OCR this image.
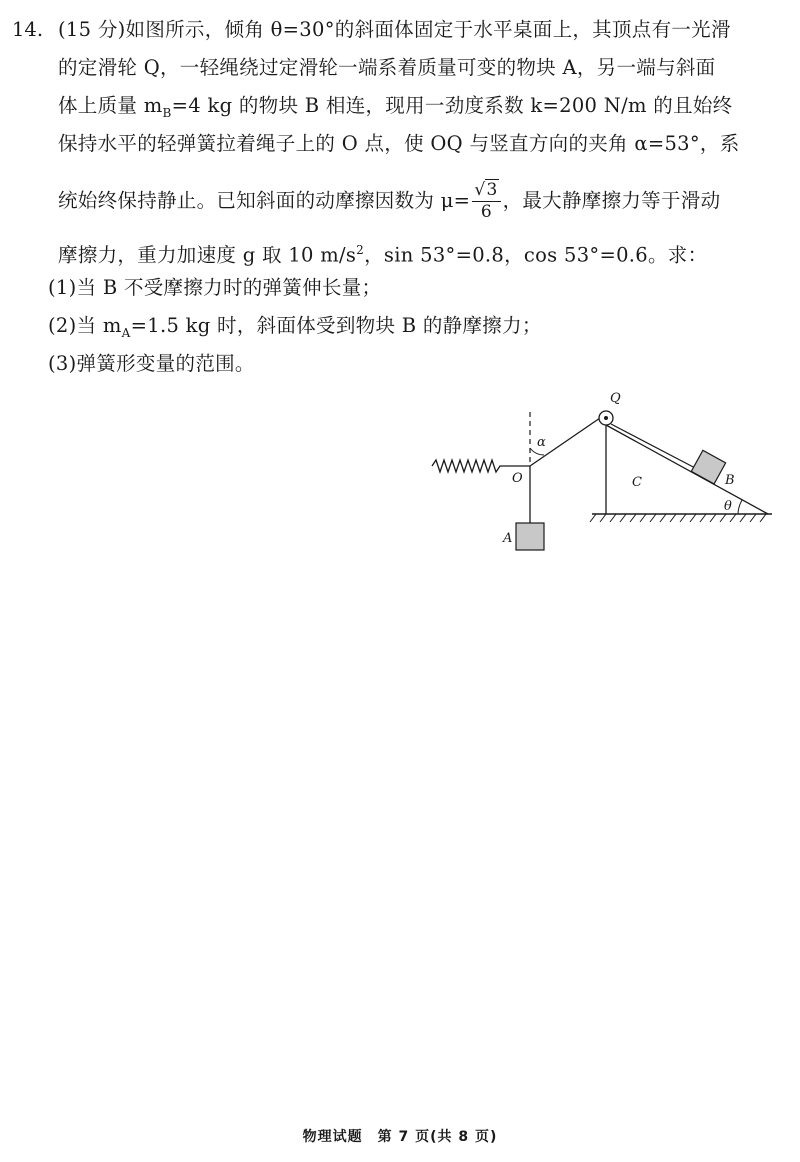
14. (15 分)如图所示，倾角 θ=30°的斜面体固定于水平桌面上，其顶点有一光滑
的定滑轮 Q，一轻绳绕过定滑轮一端系着质量可变的物块 A，另一端与斜面
体上质量 $m_B=4$ kg 的物块 B 相连，现用一劲度系数 k=200 N/m 的且始终
保持水平的轻弹簧拉着绳子上的 O 点，使 OQ 与竖直方向的夹角 α=53°，系
统始终保持静止。已知斜面的动摩擦因数为 $\mu= \frac{√3}{6}$ ，最大静摩擦力等于滑动
摩擦力，重力加速度 g 取 10 $m/s^2$，sin 53°=0.8，cos 53°=0.6。求：
(1)当 B 不受摩擦力时的弹簧伸长量；
(2)当 $m_A=1.5$ kg 时，斜面体受到物块 B 的静摩擦力；
(3)弹簧形变量的范围。
Q
α
O	C	B
θ
A
物理试题　第 7 页(共 8 页)
